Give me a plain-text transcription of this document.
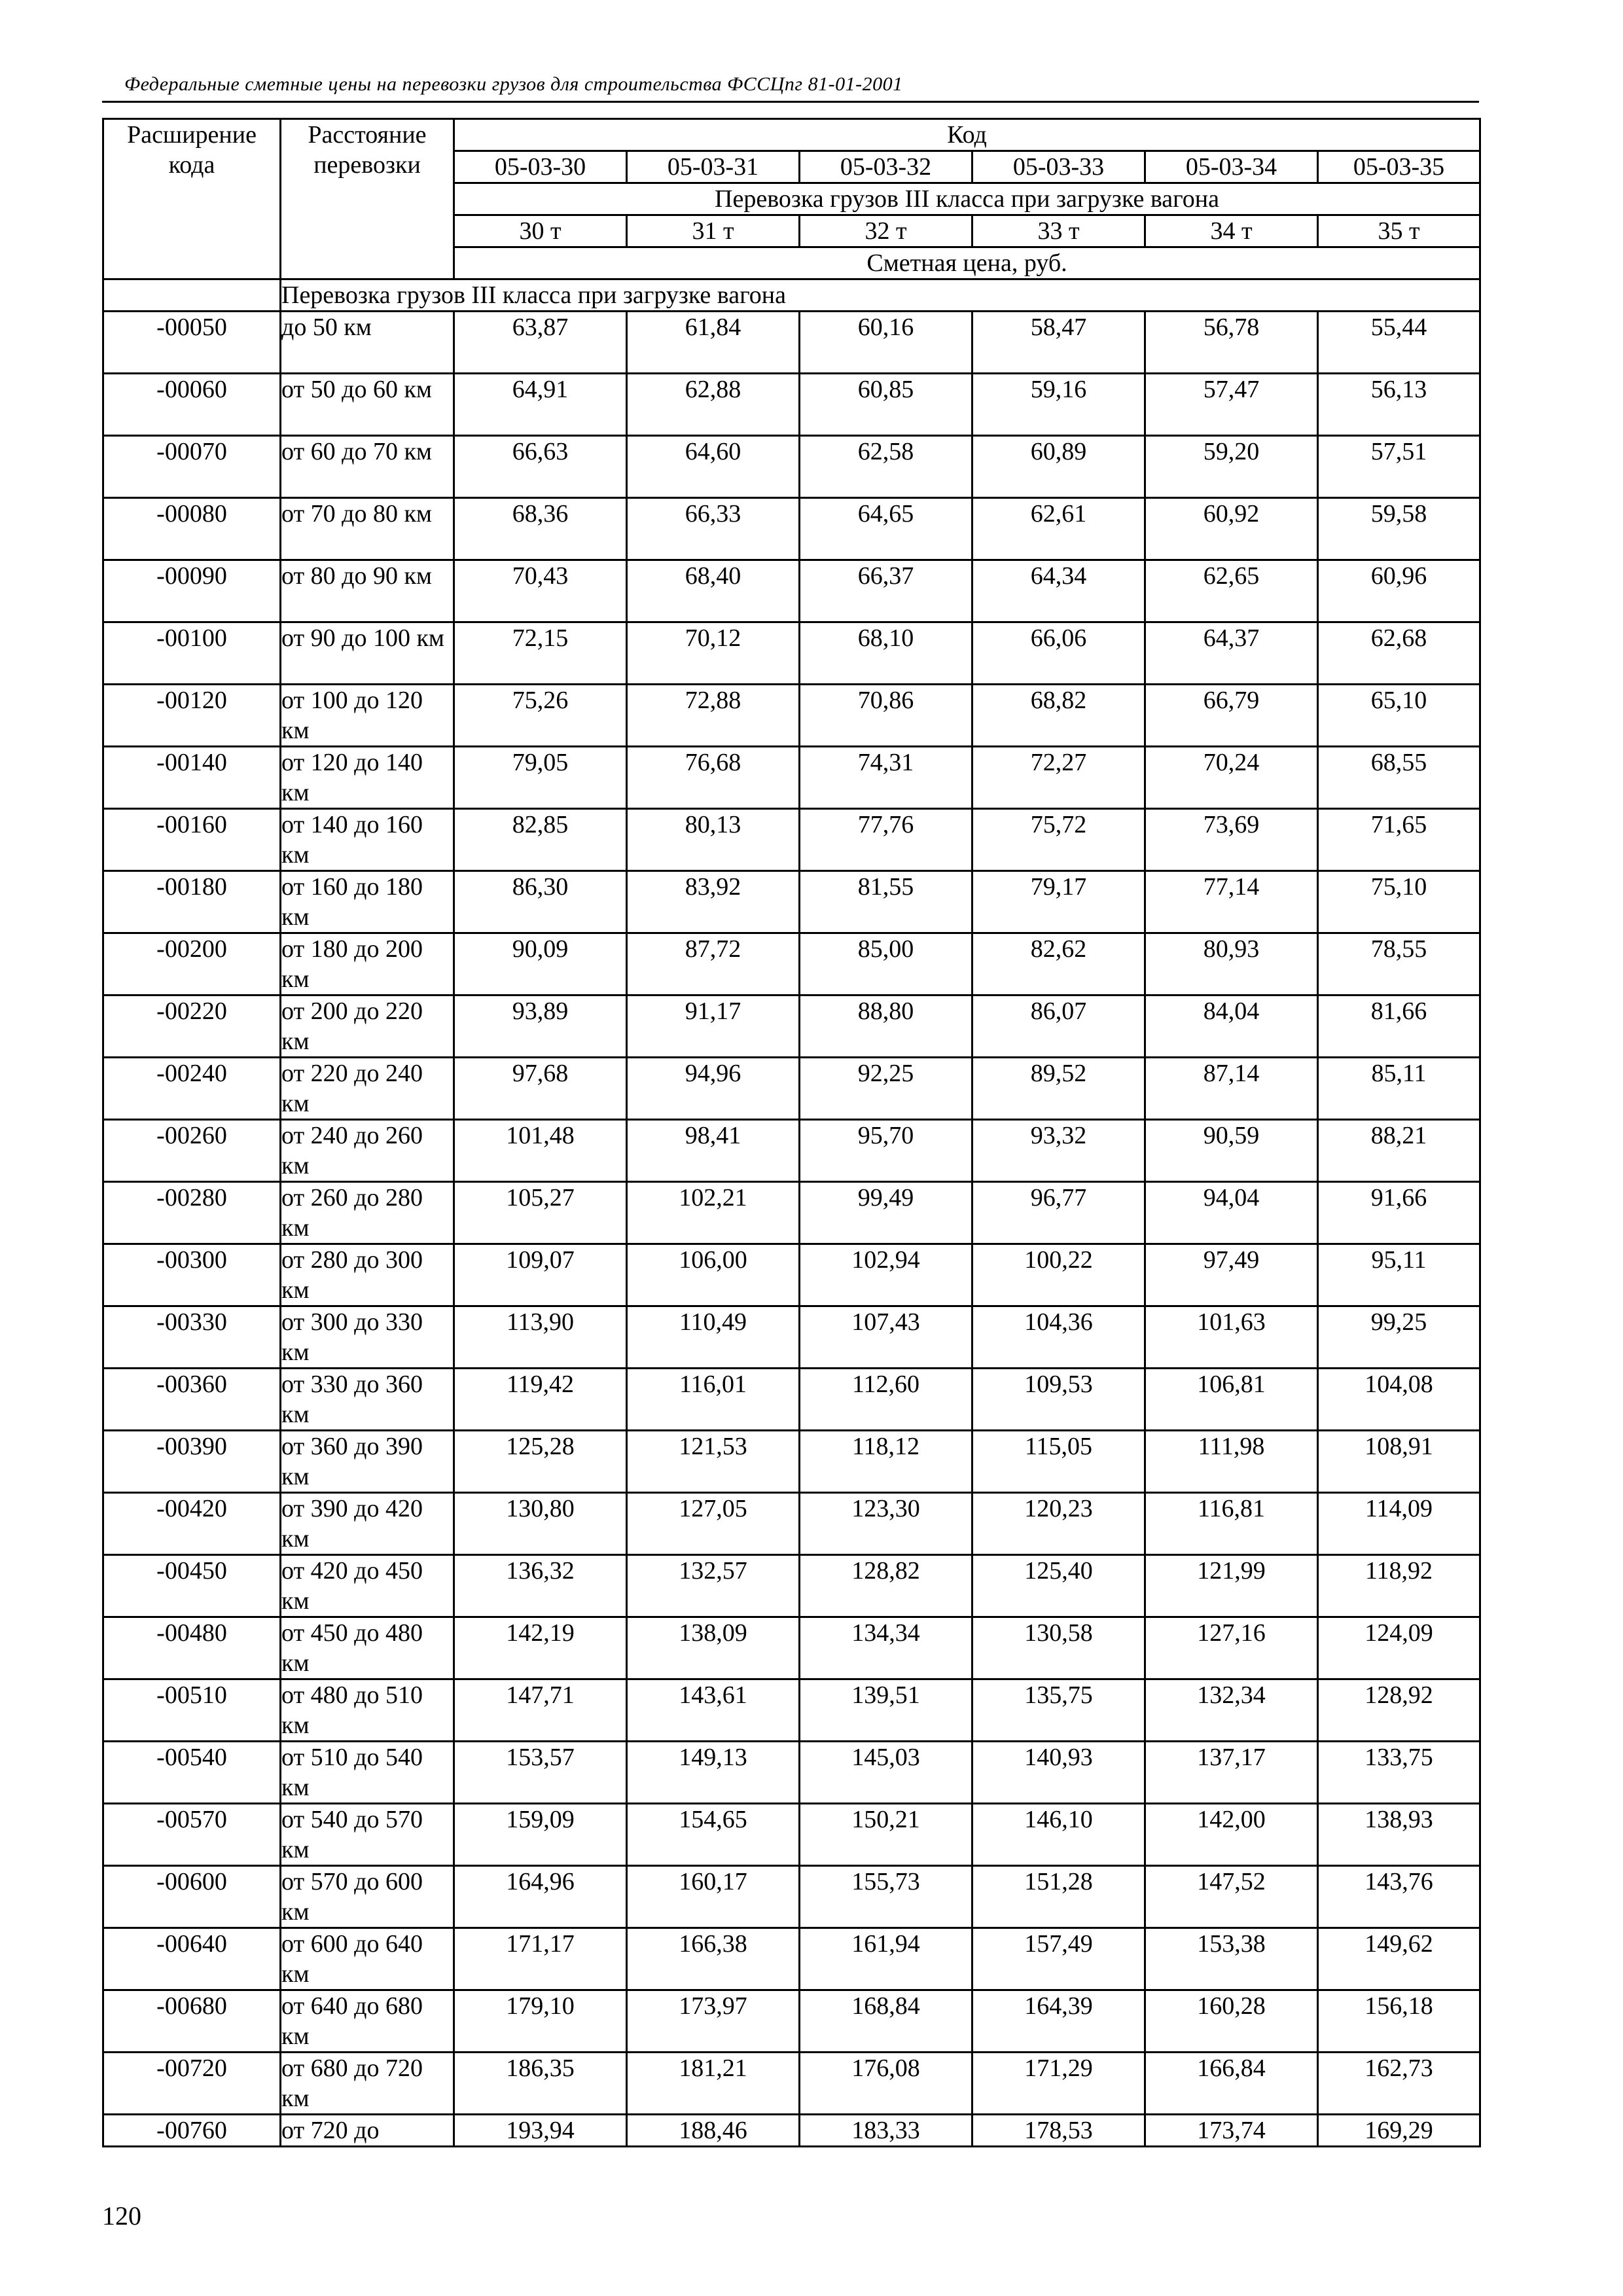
Федеральные сметные цены на перевозки грузов для строительства ФССЦпг 81-01-2001
Расширение кода	Расстояние перевозки	Код					
		05-03-30	05-03-31	05-03-32	05-03-33	05-03-34	05-03-35
		Перевозка грузов III класса при загрузке вагона					
		30 т	31 т	32 т	33 т	34 т	35 т
		Сметная цена, руб.					
	Перевозка грузов III класса при загрузке вагона						
-00050	до 50 км	63,87	61,84	60,16	58,47	56,78	55,44
-00060	от 50 до 60 км	64,91	62,88	60,85	59,16	57,47	56,13
-00070	от 60 до 70 км	66,63	64,60	62,58	60,89	59,20	57,51
-00080	от 70 до 80 км	68,36	66,33	64,65	62,61	60,92	59,58
-00090	от 80 до 90 км	70,43	68,40	66,37	64,34	62,65	60,96
-00100	от 90 до 100 км	72,15	70,12	68,10	66,06	64,37	62,68
-00120	от 100 до 120 км	75,26	72,88	70,86	68,82	66,79	65,10
-00140	от 120 до 140 км	79,05	76,68	74,31	72,27	70,24	68,55
-00160	от 140 до 160 км	82,85	80,13	77,76	75,72	73,69	71,65
-00180	от 160 до 180 км	86,30	83,92	81,55	79,17	77,14	75,10
-00200	от 180 до 200 км	90,09	87,72	85,00	82,62	80,93	78,55
-00220	от 200 до 220 км	93,89	91,17	88,80	86,07	84,04	81,66
-00240	от 220 до 240 км	97,68	94,96	92,25	89,52	87,14	85,11
-00260	от 240 до 260 км	101,48	98,41	95,70	93,32	90,59	88,21
-00280	от 260 до 280 км	105,27	102,21	99,49	96,77	94,04	91,66
-00300	от 280 до 300 км	109,07	106,00	102,94	100,22	97,49	95,11
-00330	от 300 до 330 км	113,90	110,49	107,43	104,36	101,63	99,25
-00360	от 330 до 360 км	119,42	116,01	112,60	109,53	106,81	104,08
-00390	от 360 до 390 км	125,28	121,53	118,12	115,05	111,98	108,91
-00420	от 390 до 420 км	130,80	127,05	123,30	120,23	116,81	114,09
-00450	от 420 до 450 км	136,32	132,57	128,82	125,40	121,99	118,92
-00480	от 450 до 480 км	142,19	138,09	134,34	130,58	127,16	124,09
-00510	от 480 до 510 км	147,71	143,61	139,51	135,75	132,34	128,92
-00540	от 510 до 540 км	153,57	149,13	145,03	140,93	137,17	133,75
-00570	от 540 до 570 км	159,09	154,65	150,21	146,10	142,00	138,93
-00600	от 570 до 600 км	164,96	160,17	155,73	151,28	147,52	143,76
-00640	от 600 до 640 км	171,17	166,38	161,94	157,49	153,38	149,62
-00680	от 640 до 680 км	179,10	173,97	168,84	164,39	160,28	156,18
-00720	от 680 до 720 км	186,35	181,21	176,08	171,29	166,84	162,73
-00760	от 720 до	193,94	188,46	183,33	178,53	173,74	169,29
120
